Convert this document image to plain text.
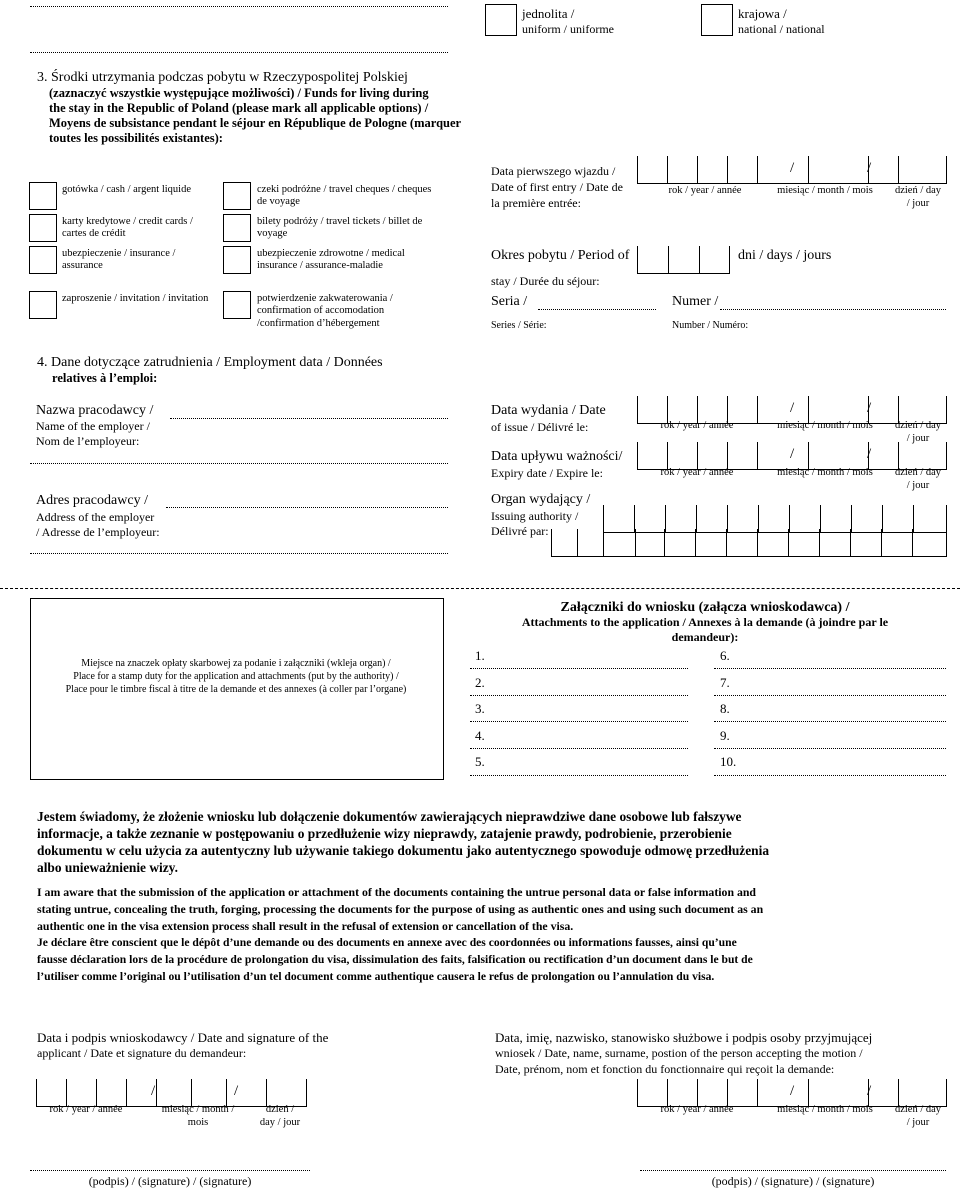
jednolita /
uniform / uniforme
krajowa /
national / national
3. Środki utrzymania podczas pobytu w Rzeczypospolitej Polskiej
(zaznaczyć wszystkie występujące możliwości) / Funds for living during
the stay in the Republic of Poland (please mark all applicable options) /
Moyens de subsistance pendant le séjour en République de Pologne (marquer
toutes les possibilités existantes):
gotówka / cash / argent liquide
karty kredytowe / credit cards /
cartes de crédit
ubezpieczenie / insurance /
assurance
zaproszenie / invitation / invitation
czeki podróżne / travel cheques / cheques
de voyage
bilety podróży / travel tickets / billet de
voyage
ubezpieczenie zdrowotne / medical
insurance / assurance-maladie
potwierdzenie zakwaterowania /
confirmation of accomodation
/confirmation d’hébergement
Data pierwszego wjazdu /
Date of first entry / Date de
la première entrée:
/	/
rok / year / année	miesiąc / month / mois	dzień / day
/ jour
Okres pobytu / Period of
stay / Durée du séjour:
dni / days / jours
Seria /
Series / Série:
Numer /
Number / Numéro:
4. Dane dotyczące zatrudnienia / Employment data / Données
relatives à l’emploi:
Nazwa pracodawcy /
Name of the employer /
Nom de l’employeur:
Adres pracodawcy /
Address of the employer
/ Adresse de l’employeur:
Data wydania / Date
of issue / Délivré le:
/	/
rok / year / année	miesiąc / month / mois	dzień / day
/ jour
Data upływu ważności/
Expiry date / Expire le:
/	/
rok / year / année	miesiąc / month / mois	dzień / day
/ jour
Organ wydający /
Issuing authority /
Délivré par:
Miejsce na znaczek opłaty skarbowej za podanie i załączniki (wkleja organ) /
Place for a stamp duty for the application and attachments (put by the authority) /
Place pour le timbre fiscal à titre de la demande et des annexes (à coller par l’organe)
Załączniki do wniosku (załącza wnioskodawca) /
Attachments to the application / Annexes à la demande (à joindre par le
demandeur):
1.
2.
3.
4.
5.
6.
7.
8.
9.
10.
Jestem świadomy, że złożenie wniosku lub dołączenie dokumentów zawierających nieprawdziwe dane osobowe lub fałszywe
informacje, a także zeznanie w postępowaniu o przedłużenie wizy nieprawdy, zatajenie prawdy, podrobienie, przerobienie
dokumentu w celu użycia za autentyczny lub używanie takiego dokumentu jako autentycznego spowoduje odmowę przedłużenia
albo unieważnienie wizy.
I am aware that the submission of the application or attachment of the documents containing the untrue personal data or false information and
stating untrue, concealing the truth, forging, processing the documents for the purpose of using as authentic ones and using such document as an
authentic one in the visa extension process shall result in the refusal of extension or cancellation of the visa.
Je déclare être conscient que le dépôt d’une demande ou des documents en annexe avec des coordonnées ou informations fausses, ainsi qu’une
fausse déclaration lors de la procédure de prolongation du visa, dissimulation des faits, falsification ou rectification d’un document dans le but de
l’utiliser comme l’original ou l’utilisation d’un tel document comme authentique causera le refus de prolongation ou l’annulation du visa.
Data i podpis wnioskodawcy / Date and signature of the
applicant / Date et signature du demandeur:
/	/
rok / year / année	miesiąc / month /
mois
dzień /
day / jour
(podpis) / (signature) / (signature)
Data, imię, nazwisko, stanowisko służbowe i podpis osoby przyjmującej
wniosek / Date, name, surname, postion of the person accepting the motion /
Date, prénom, nom et fonction du fonctionnaire qui reçoit la demande:
/	/
rok / year / année	miesiąc / month / mois	dzień / day
/ jour
(podpis) / (signature) / (signature)
